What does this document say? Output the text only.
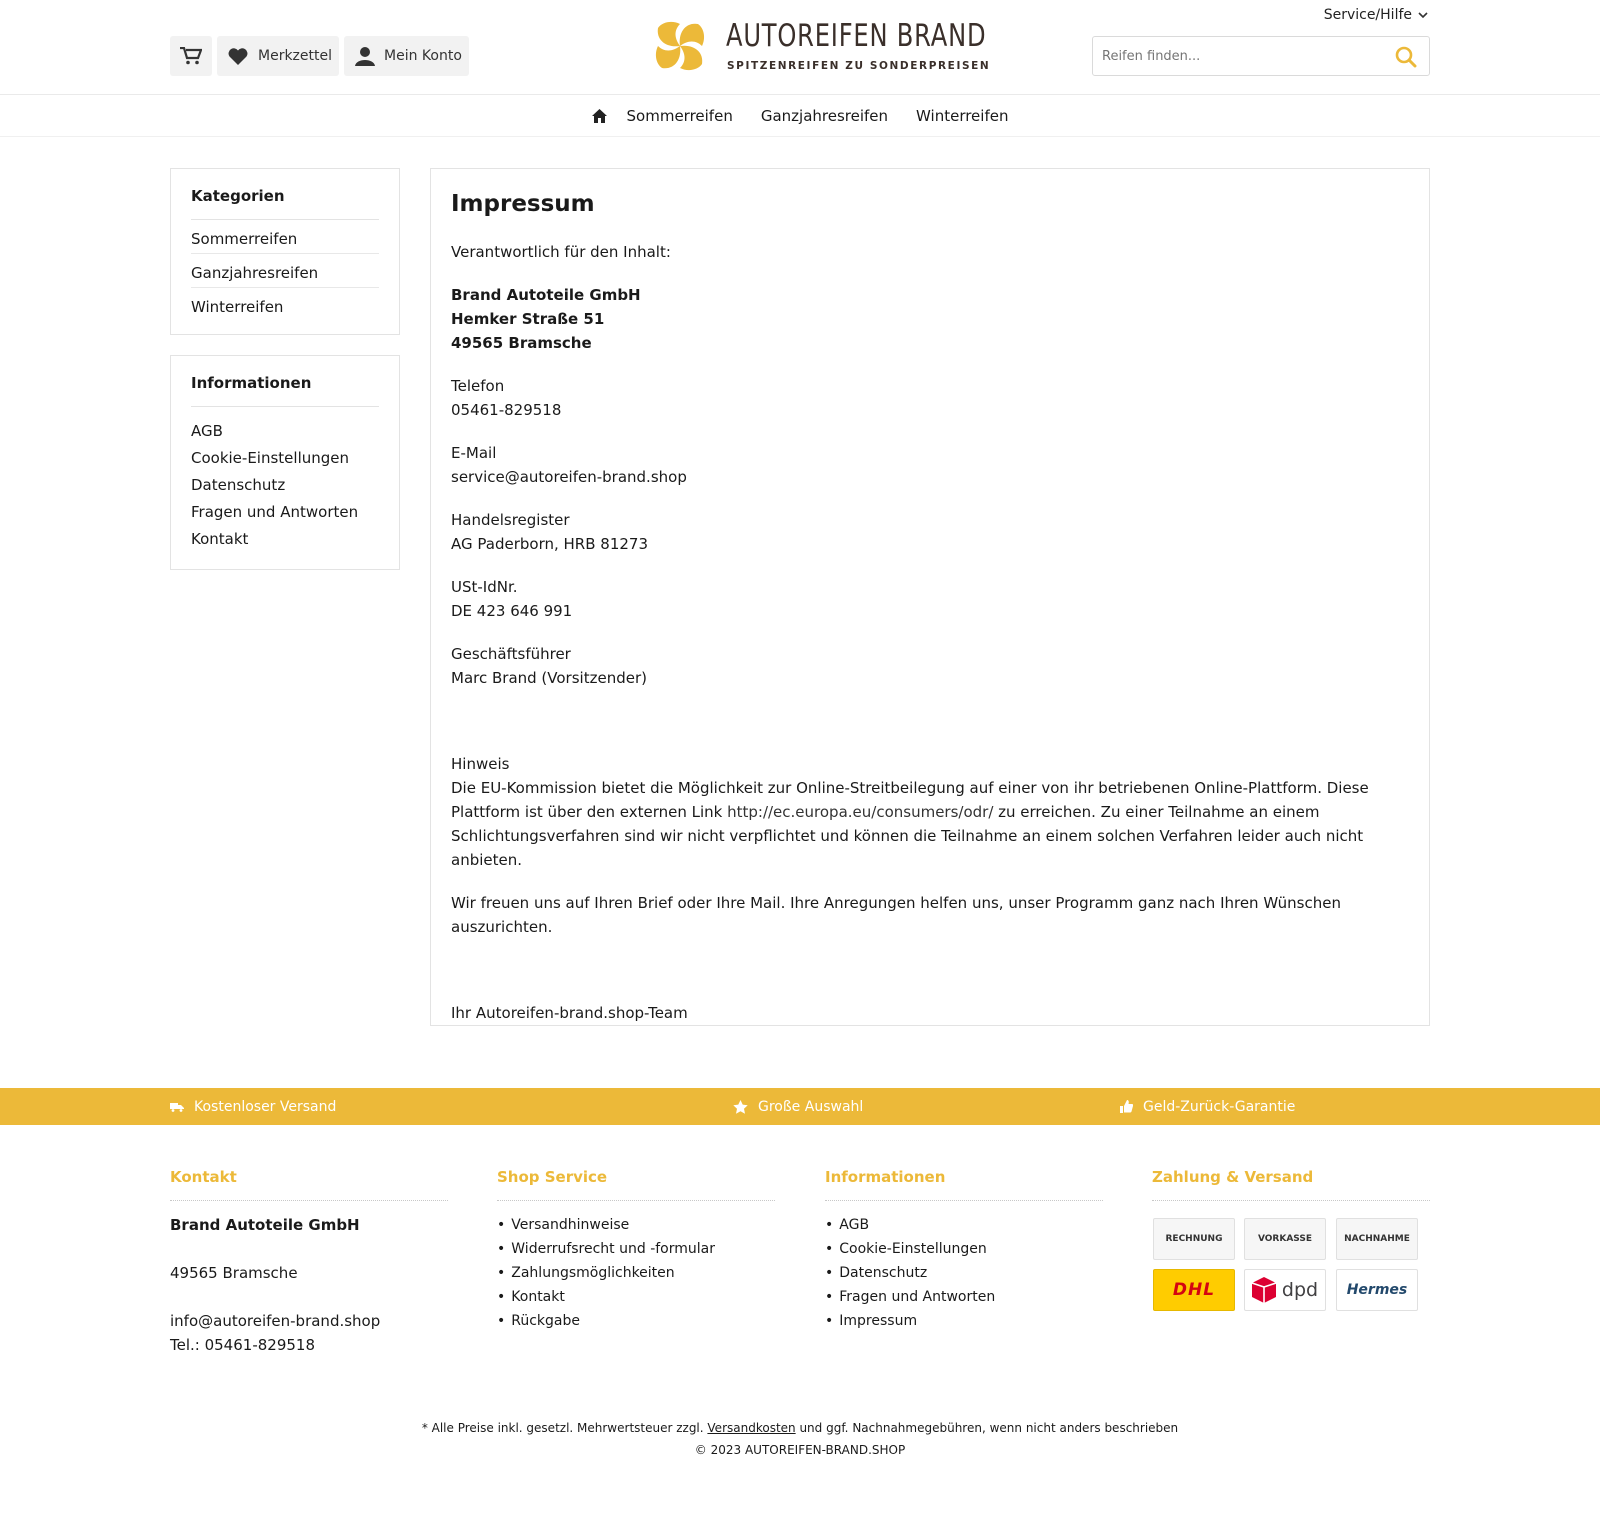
Merkzettel	Mein Konto
AUTOREIFEN BRAND
SPITZENREIFEN ZU SONDERPREISEN
Service/Hilfe
Reifen finden...
Sommerreifen Ganzjahresreifen Winterreifen
Kategorien
Sommerreifen
Ganzjahresreifen
Winterreifen
Informationen
AGB
Cookie-Einstellungen
Datenschutz
Fragen und Antworten
Kontakt
Impressum

Verantwortlich für den Inhalt:

Brand Autoteile GmbH

Hemker Straße 51

49565 Bramsche

Telefon

05461-829518

E-Mail

service@autoreifen-brand.shop

Handelsregister

AG Paderborn, HRB 81273

USt-IdNr.

DE 423 646 991

Geschäftsführer

Marc Brand (Vorsitzender)

Hinweis

Die EU-Kommission bietet die Möglichkeit zur Online-Streitbeilegung auf einer von ihr betriebenen Online-Plattform. Diese Plattform ist über den externen Link http://ec.europa.eu/consumers/odr/ zu erreichen. Zu einer Teilnahme an einem Schlichtungsverfahren sind wir nicht verpflichtet und können die Teilnahme an einem solchen Verfahren leider auch nicht anbieten.

Wir freuen uns auf Ihren Brief oder Ihre Mail. Ihre Anregungen helfen uns, unser Programm ganz nach Ihren Wünschen auszurichten.

Ihr Autoreifen-brand.shop-Team

Kostenloser Versand	Große Auswahl	Geld-Zurück-Garantie
Kontakt

Brand Autoteile GmbH

49565 Bramsche

info@autoreifen-brand.shop

Tel.: 05461-829518

Shop Service
• Versandhinweise
• Widerrufsrecht und -formular
• Zahlungsmöglichkeiten
• Kontakt
• Rückgabe
Informationen
• AGB
• Cookie-Einstellungen
• Datenschutz
• Fragen und Antworten
• Impressum
Zahlung & Versand
RECHNUNG	VORKASSE	NACHNAHME
DHL	dpd Hermes
* Alle Preise inkl. gesetzl. Mehrwertsteuer zzgl. Versandkosten und ggf. Nachnahmegebühren, wenn nicht anders beschrieben
© 2023 AUTOREIFEN-BRAND.SHOP
